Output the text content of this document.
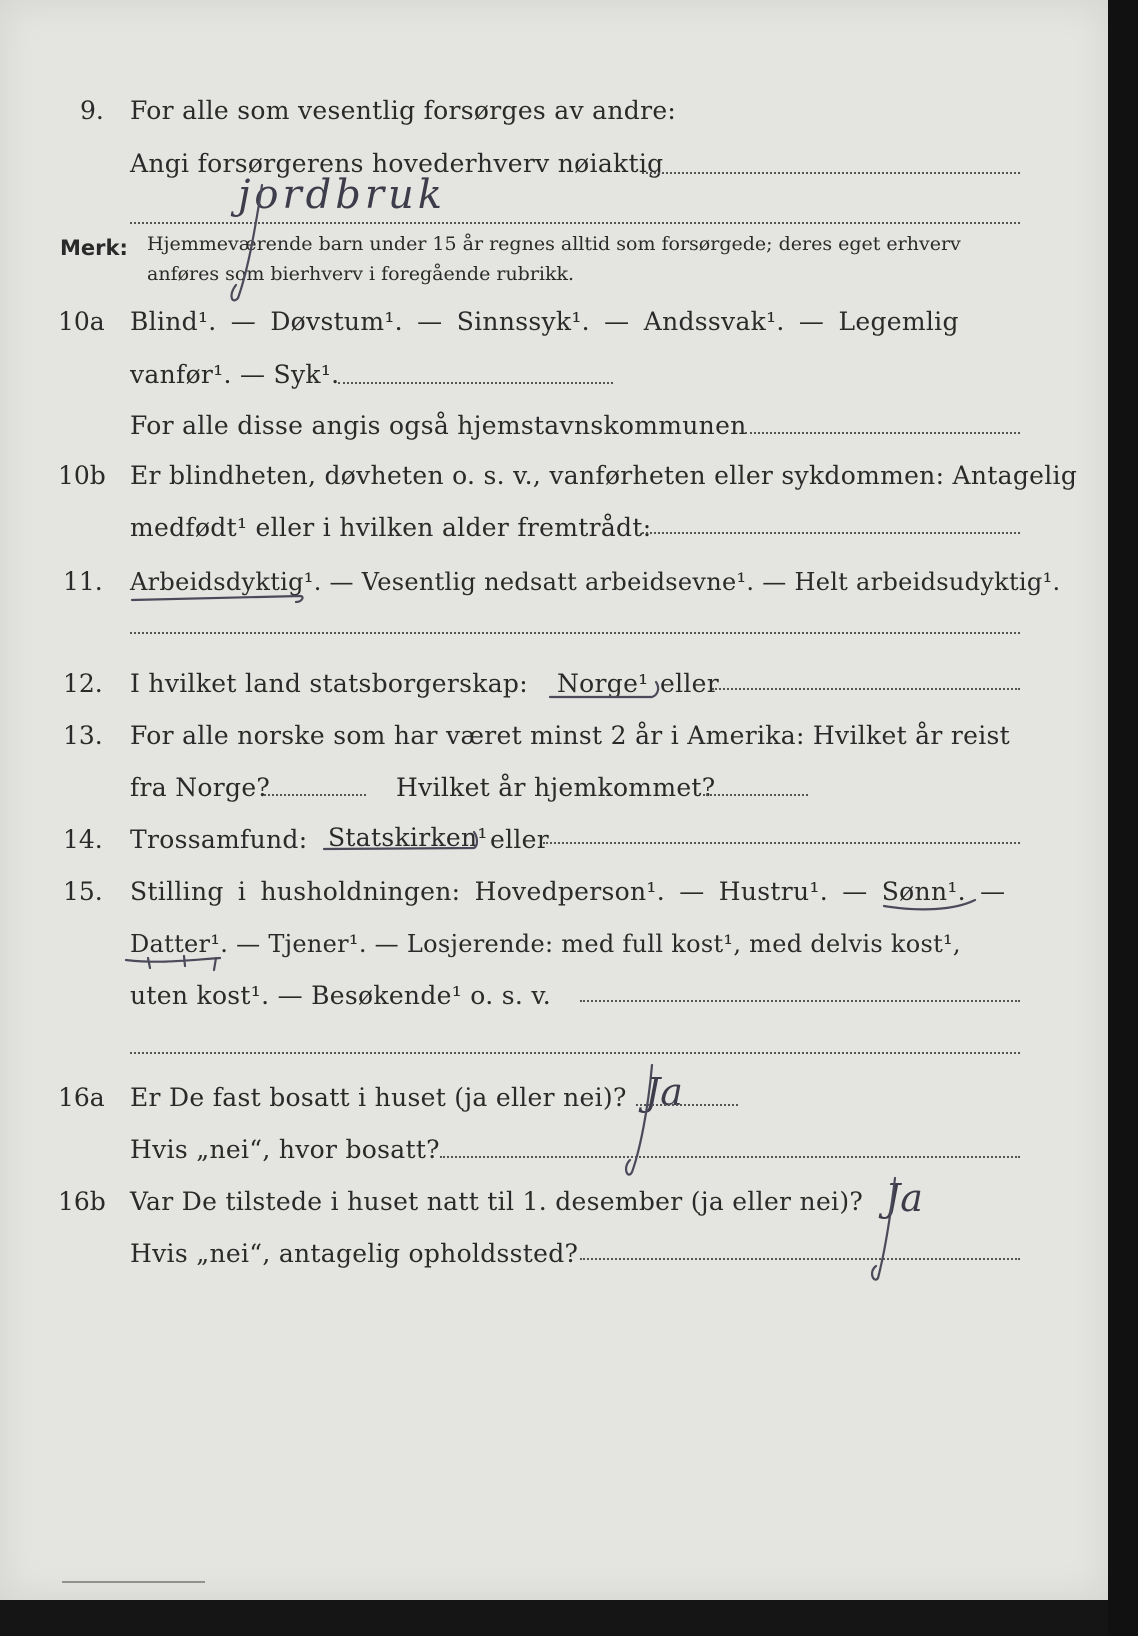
9. For alle som vesentlig forsørges av andre:
Angi forsørgerens hovederhverv nøiaktig
jordbruk
Merk: Hjemmeværende barn under 15 år regnes alltid som forsørgede; deres eget erhverv
anføres som bierhverv i foregående rubrikk.
10a Blind¹. — Døvstum¹. — Sinnssyk¹. — Andssvak¹. — Legemlig
vanfør¹. — Syk¹.
For alle disse angis også hjemstavnskommunen
10b Er blindheten, døvheten o. s. v., vanførheten eller sykdommen: Antagelig
medfødt¹ eller i hvilken alder fremtrådt:
11. Arbeidsdyktig¹. — Vesentlig nedsatt arbeidsevne¹. — Helt arbeidsudyktig¹.
12. I hvilket land statsborgerskap: Norge¹ eller
13. For alle norske som har været minst 2 år i Amerika: Hvilket år reist
fra Norge?	Hvilket år hjemkommet?
14. Trossamfund: Statskirken¹ eller
15. Stilling i husholdningen: Hovedperson¹. — Hustru¹. — Sønn¹. —
Datter¹. — Tjener¹. — Losjerende: med full kost¹, med delvis kost¹,
uten kost¹. — Besøkende¹ o. s. v.
16a Er De fast bosatt i huset (ja eller nei)? Ja
Hvis „nei“, hvor bosatt?
16b Var De tilstede i huset natt til 1. desember (ja eller nei)? Ja
Hvis „nei“, antagelig opholdssted?
